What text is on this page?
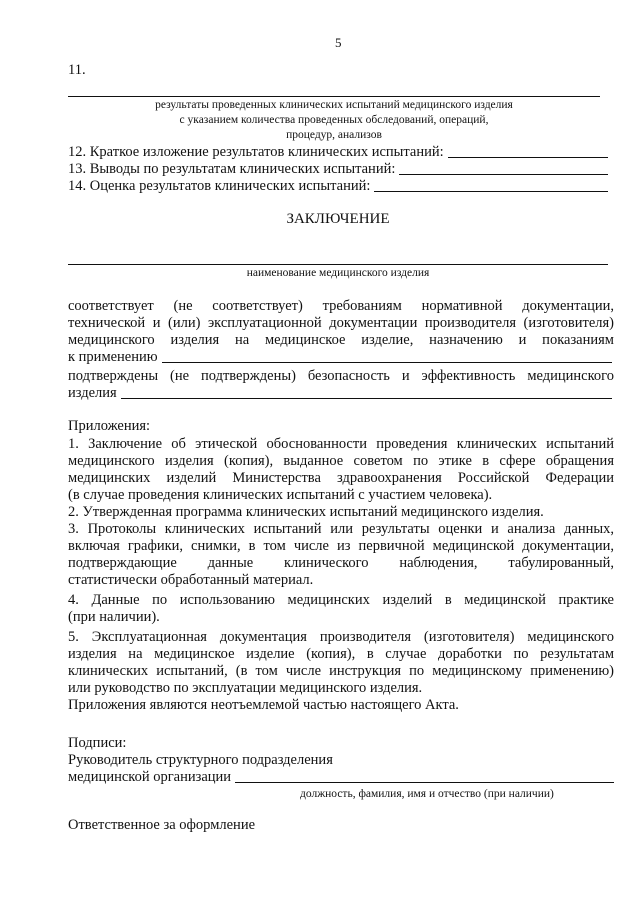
5
11.
результаты проведенных клинических испытаний медицинского изделия
с указанием количества проведенных обследований, операций,
процедур, анализов
12. Краткое изложение результатов клинических испытаний:
13. Выводы по результатам клинических испытаний:
14. Оценка результатов клинических испытаний:
ЗАКЛЮЧЕНИЕ
наименование медицинского изделия
соответствует (не соответствует) требованиям нормативной документации,
технической и (или) эксплуатационной документации производителя (изготовителя)
медицинского изделия на медицинское изделие, назначению и показаниям
к применению
подтверждены (не подтверждены) безопасность и эффективность медицинского
изделия
Приложения:
1. Заключение об этической обоснованности проведения клинических испытаний
медицинского изделия (копия), выданное советом по этике в сфере обращения
медицинских изделий Министерства здравоохранения Российской Федерации
(в случае проведения клинических испытаний с участием человека).
2. Утвержденная программа клинических испытаний медицинского изделия.
3. Протоколы клинических испытаний или результаты оценки и анализа данных,
включая графики, снимки, в том числе из первичной медицинской документации,
подтверждающие данные клинического наблюдения, табулированный,
статистически обработанный материал.
4. Данные по использованию медицинских изделий в медицинской практике
(при наличии).
5. Эксплуатационная документация производителя (изготовителя) медицинского
изделия на медицинское изделие (копия), в случае доработки по результатам
клинических испытаний, (в том числе инструкция по медицинскому применению)
или руководство по эксплуатации медицинского изделия.
Приложения являются неотъемлемой частью настоящего Акта.
Подписи:
Руководитель структурного подразделения
медицинской организации
должность, фамилия, имя и отчество (при наличии)
Ответственное за оформление
